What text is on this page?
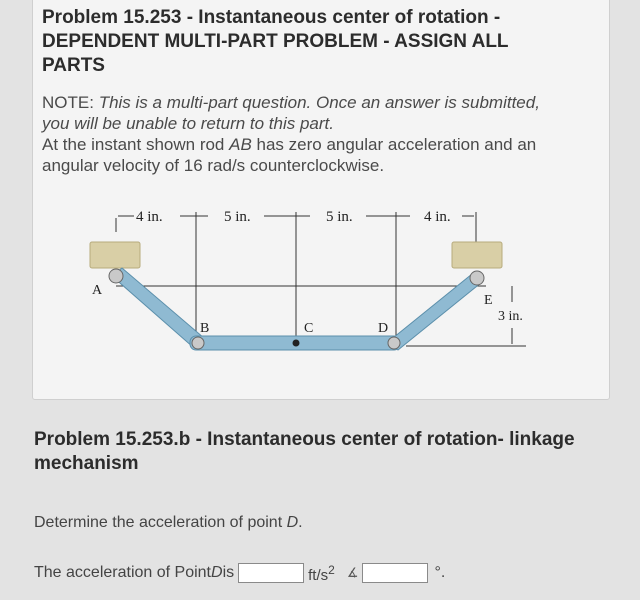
Problem 15.253 - Instantaneous center of rotation - DEPENDENT MULTI-PART PROBLEM - ASSIGN ALL PARTS
NOTE: This is a multi-part question. Once an answer is submitted, you will be unable to return to this part.
At the instant shown rod AB has zero angular acceleration and an angular velocity of 16 rad/s counterclockwise.
4 in.	5 in.	5 in.	4 in.
A
B	C	D
E
3 in.
Problem 15.253.b - Instantaneous center of rotation- linkage mechanism
Determine the acceleration of point D.
The acceleration of Point D is	$ft/s^2$ ∡	°.
